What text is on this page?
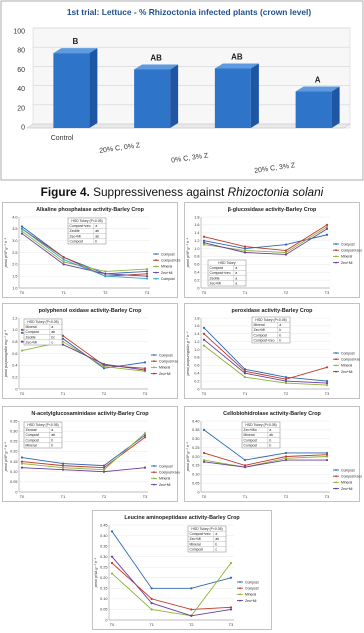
1st trial: Lettuce - % Rhizoctonia infected plants (crown level)
0
20
40
60
80
100
B
AB	AB
A
Control
20% C, 0% Z
0% C, 3% Z
20% C, 3% Z
Figure 4. Suppressiveness against Rhizoctonia solani
Alkaline phosphatase activity-Barley Crop
pmol pNP g⁻¹ h⁻¹
1.0
1.5
2.0
2.5
3.0
3.5
4.0
T0	T1	T2	T3
Compost
Compost+Ze
Mineral
Zeo+Mi
Compost
HSD Tukey (P<0.05)
Compost+zeo a
Zeolite	ab
Zeo+Mi	ab
Compost	b
β-glucosidase activity-Barley Crop
pmol pNP g⁻¹ h⁻¹
0
0.2
0.4
0.6
0.8
1.0
1.2
1.4
1.6
1.8
T0	T1	T2	T3
Compost
Compost+zeo
Mineral
Zeo+Mi
HSD Tukey
Compost	a
Compost+zeo a
Zeolite	a
Zeo+Mi	a
polyphenol oxidase activity-Barley Crop
pmol purpurogallin mg⁻¹ g⁻¹
0
0.2
0.4
0.6
0.8
1.0
1.2
T0	T1	T2	T3
Compost
Compost+ze
Mineral
Zeo+Mi
HSD Tukey (P<0.05)
Mineral	a
Compost	ab
Zeolite	bc
Zeo+Mi	c
peroxidase activity-Barley Crop
pmol purpurogallin g⁻¹ h⁻¹
0
0.2
0.4
0.6
0.8
1.0
1.2
1.4
1.6
1.8
T0	T1	T2	T3
Compost
Compost+ze
Mineral
Zeo+Mi
HSD Tukey (P<0.05)
Mineral	a
Zeo+Mi	b
Compost	b
Compost+zeo b
N-acetylglucosaminidase activity-Barley Crop
pmol pNP g⁻¹ h⁻¹
0
0.05
0.10
0.15
0.20
0.25
0.30
0.35
T0	T1	T2	T3
Compost
Compost+zeo
Mineral
Zeo+Mi
HSD Tukey (P<0.05)
Zeowat	a
Compost	ab
Compost	b
Mineral	b
Cellobiohidrolase activity-Barley Crop
pmol pNP g⁻¹ h⁻¹
0
0.05
0.10
0.15
0.20
0.25
0.30
0.35
0.40
T0	T1	T2	T3
Compost
Compost+zeo
Mineral
Zeo+Mi
HSD Tukey (P<0.05)
Zeo+Mio	a
Mineral	ab
Compost	b
Compost	b
Leucine aminopeptidase activity-Barley Crop
pmol pNA g⁻¹ h⁻¹
0
0.05
0.10
0.15
0.20
0.25
0.30
0.35
0.40
0.45
T0	T1	T2	T3
Compost
Compost
Mineral
Zeo+Mi
HSD Tukey (P<0.05)
Compost+zeo a
Zeo+Mi	ab
Mineral	b
Compost	c
